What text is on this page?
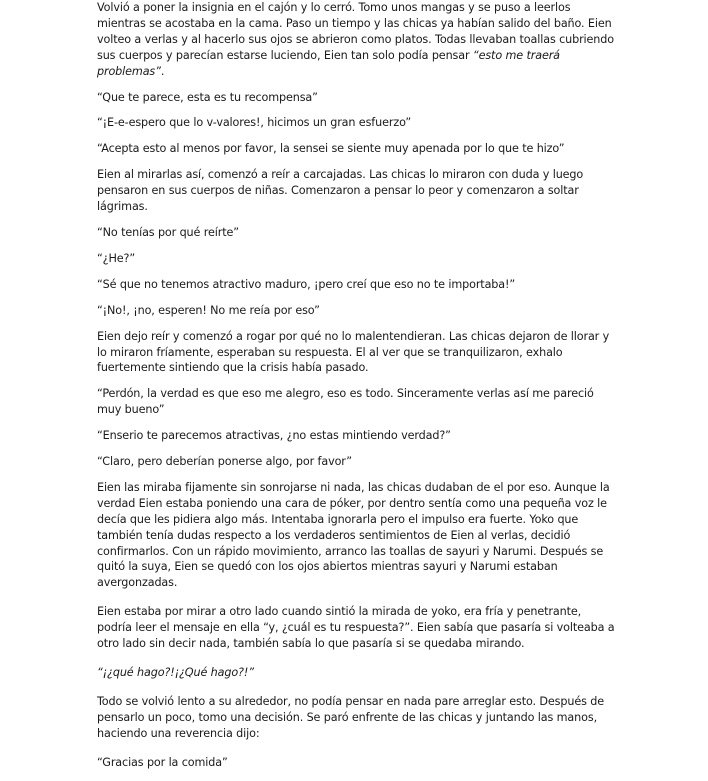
Volvió a poner la insignia en el cajón y lo cerró. Tomo unos mangas y se puso a leerlos mientras se acostaba en la cama. Paso un tiempo y las chicas ya habían salido del baño. Eien volteo a verlas y al hacerlo sus ojos se abrieron como platos. Todas llevaban toallas cubriendo sus cuerpos y parecían estarse luciendo, Eien tan solo podía pensar “esto me traerá problemas”.

“Que te parece, esta es tu recompensa”

“¡E-e-espero que lo v-valores!, hicimos un gran esfuerzo”

“Acepta esto al menos por favor, la sensei se siente muy apenada por lo que te hizo”

Eien al mirarlas así, comenzó a reír a carcajadas. Las chicas lo miraron con duda y luego pensaron en sus cuerpos de niñas. Comenzaron a pensar lo peor y comenzaron a soltar lágrimas.

“No tenías por qué reírte”

“¿He?”

“Sé que no tenemos atractivo maduro, ¡pero creí que eso no te importaba!”

“¡No!, ¡no, esperen! No me reía por eso”

Eien dejo reír y comenzó a rogar por qué no lo malentendieran. Las chicas dejaron de llorar y lo miraron fríamente, esperaban su respuesta. El al ver que se tranquilizaron, exhalo fuertemente sintiendo que la crisis había pasado.

“Perdón, la verdad es que eso me alegro, eso es todo. Sinceramente verlas así me pareció muy bueno”

“Enserio te parecemos atractivas, ¿no estas mintiendo verdad?”

“Claro, pero deberían ponerse algo, por favor”

Eien las miraba fijamente sin sonrojarse ni nada, las chicas dudaban de el por eso. Aunque la verdad Eien estaba poniendo una cara de póker, por dentro sentía como una pequeña voz le decía que les pidiera algo más. Intentaba ignorarla pero el impulso era fuerte. Yoko que también tenía dudas respecto a los verdaderos sentimientos de Eien al verlas, decidió confirmarlos. Con un rápido movimiento, arranco las toallas de sayuri y Narumi. Después se quitó la suya, Eien se quedó con los ojos abiertos mientras sayuri y Narumi estaban avergonzadas.

Eien estaba por mirar a otro lado cuando sintió la mirada de yoko, era fría y penetrante, podría leer el mensaje en ella “y, ¿cuál es tu respuesta?”. Eien sabía que pasaría si volteaba a otro lado sin decir nada, también sabía lo que pasaría si se quedaba mirando.

“¡¿qué hago?!¡¿Qué hago?!”

Todo se volvió lento a su alrededor, no podía pensar en nada pare arreglar esto. Después de pensarlo un poco, tomo una decisión. Se paró enfrente de las chicas y juntando las manos, haciendo una reverencia dijo:

“Gracias por la comida”
